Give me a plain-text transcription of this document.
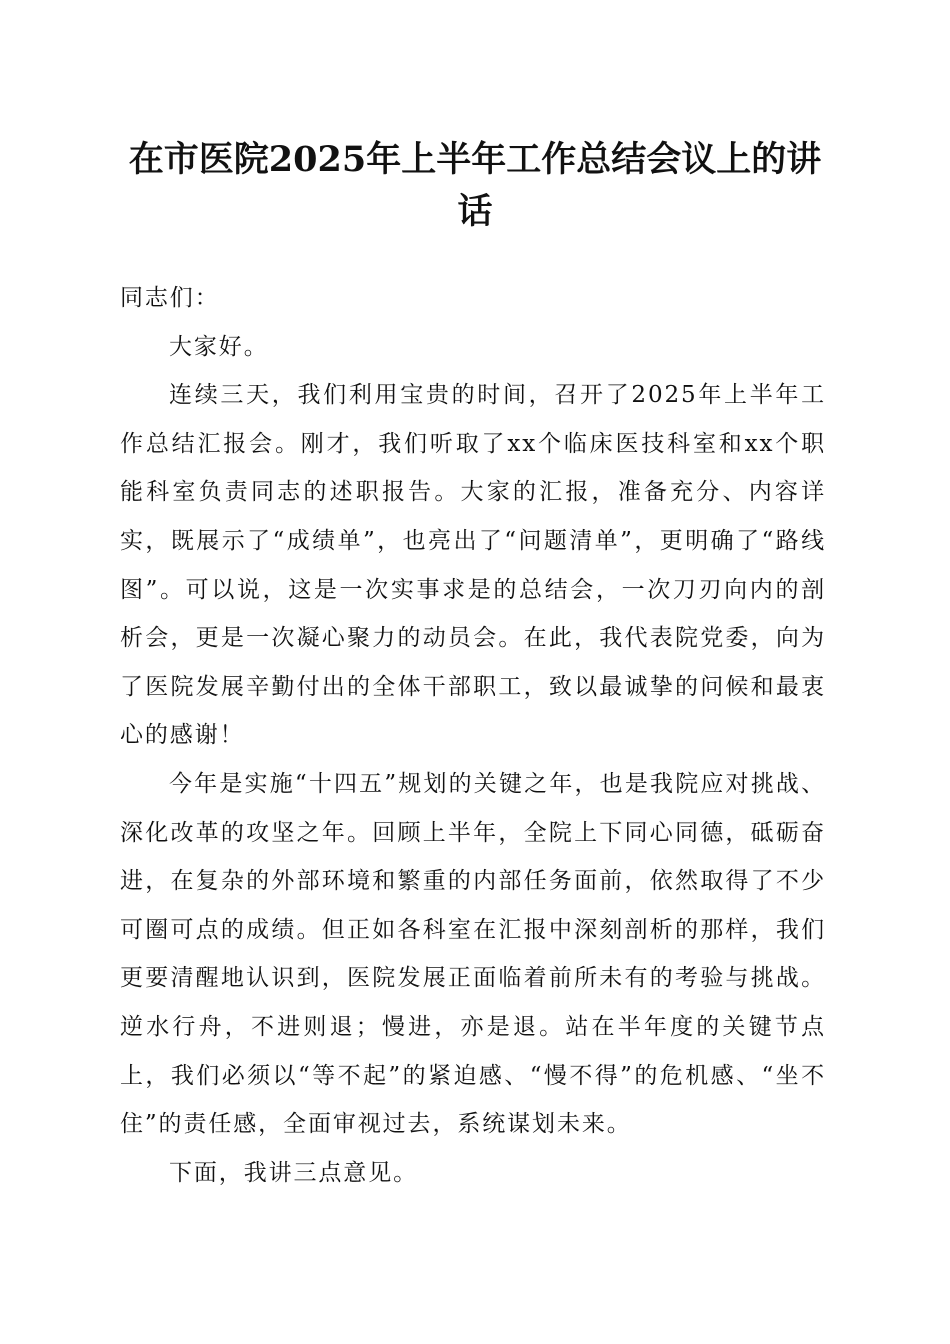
在市医院2025年上半年工作总结会议上的讲话

同志们：

大家好。

连续三天，我们利用宝贵的时间，召开了2025年上半年工作总结汇报会。刚才，我们听取了xx个临床医技科室和xx个职能科室负责同志的述职报告。大家的汇报，准备充分、内容详实，既展示了“成绩单”，也亮出了“问题清单”，更明确了“路线图”。可以说，这是一次实事求是的总结会，一次刀刃向内的剖析会，更是一次凝心聚力的动员会。在此，我代表院党委，向为了医院发展辛勤付出的全体干部职工，致以最诚挚的问候和最衷心的感谢！

今年是实施“十四五”规划的关键之年，也是我院应对挑战、深化改革的攻坚之年。回顾上半年，全院上下同心同德，砥砺奋进，在复杂的外部环境和繁重的内部任务面前，依然取得了不少可圈可点的成绩。但正如各科室在汇报中深刻剖析的那样，我们更要清醒地认识到，医院发展正面临着前所未有的考验与挑战。逆水行舟，不进则退；慢进，亦是退。站在半年度的关键节点上，我们必须以“等不起”的紧迫感、“慢不得”的危机感、“坐不住”的责任感，全面审视过去，系统谋划未来。

下面，我讲三点意见。
